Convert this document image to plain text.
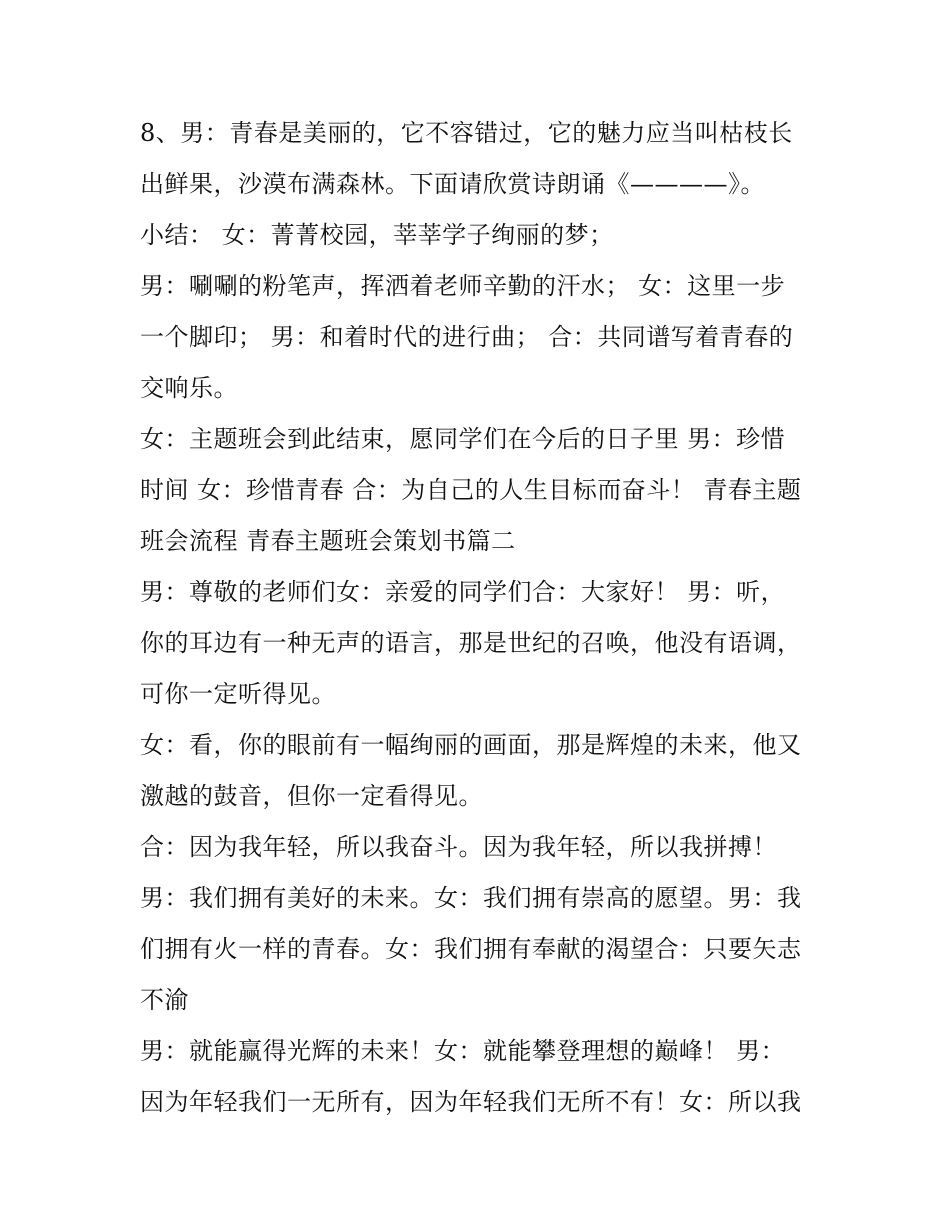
8、男：青春是美丽的，它不容错过，它的魅力应当叫枯枝长
出鲜果，沙漠布满森林。下面请欣赏诗朗诵《————》。
小结： 女：菁菁校园，莘莘学子绚丽的梦；
男：唰唰的粉笔声，挥洒着老师辛勤的汗水； 女：这里一步
一个脚印； 男：和着时代的进行曲； 合：共同谱写着青春的
交响乐。
女：主题班会到此结束，愿同学们在今后的日子里 男：珍惜
时间 女：珍惜青春 合：为自己的人生目标而奋斗！ 青春主题
班会流程 青春主题班会策划书篇二
男：尊敬的老师们女：亲爱的同学们合：大家好！ 男：听，
你的耳边有一种无声的语言，那是世纪的召唤，他没有语调，
可你一定听得见。
女：看，你的眼前有一幅绚丽的画面，那是辉煌的未来，他又
激越的鼓音，但你一定看得见。
合：因为我年轻，所以我奋斗。因为我年轻，所以我拼搏！
男：我们拥有美好的未来。女：我们拥有崇高的愿望。男：我
们拥有火一样的青春。女：我们拥有奉献的渴望合：只要矢志
不渝
男：就能赢得光辉的未来！女：就能攀登理想的巅峰！ 男：
因为年轻我们一无所有，因为年轻我们无所不有！女：所以我
